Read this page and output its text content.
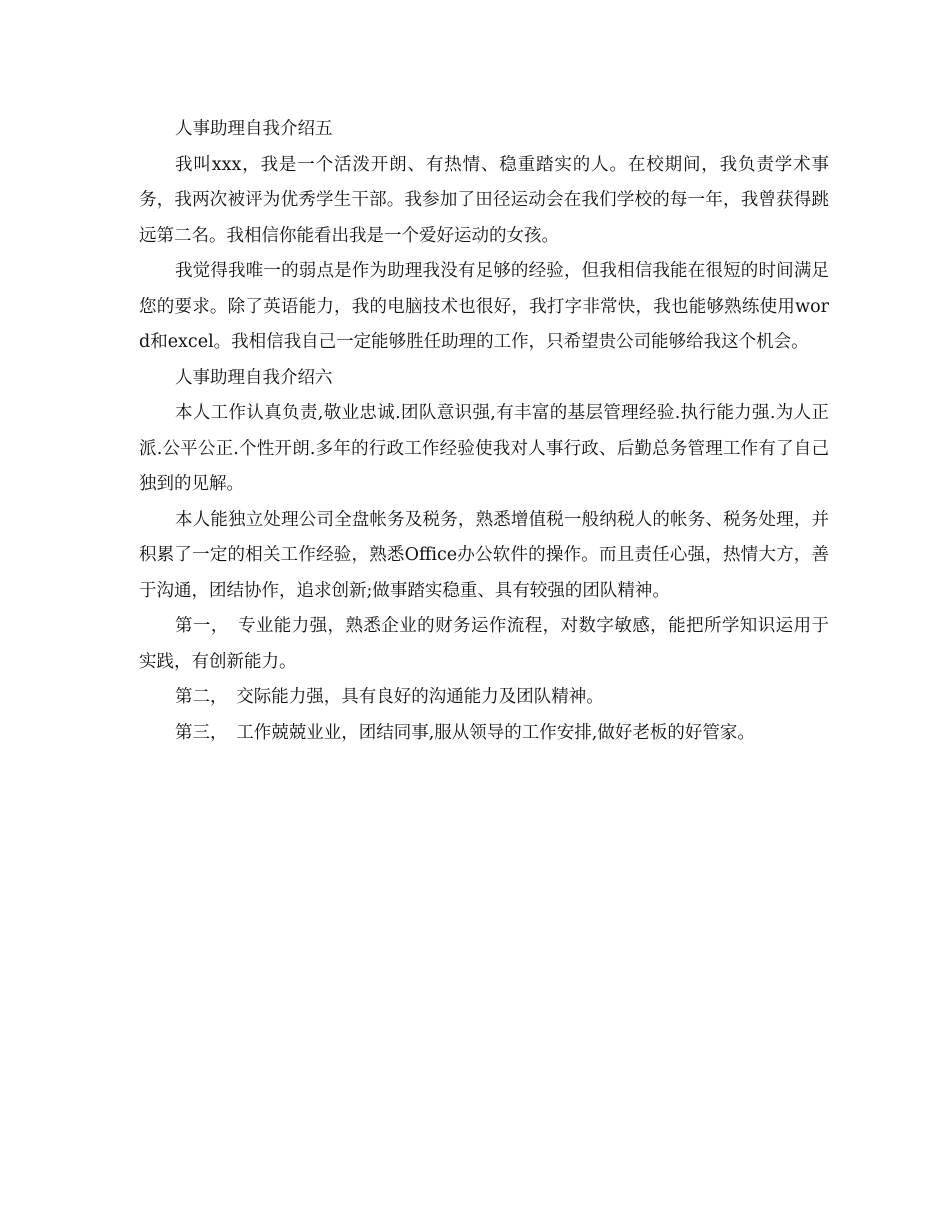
人事助理自我介绍五

我叫xxx，我是一个活泼开朗、有热情、稳重踏实的人。在校期间，我负责学术事务，我两次被评为优秀学生干部。我参加了田径运动会在我们学校的每一年，我曾获得跳远第二名。我相信你能看出我是一个爱好运动的女孩。

我觉得我唯一的弱点是作为助理我没有足够的经验，但我相信我能在很短的时间满足您的要求。除了英语能力，我的电脑技术也很好，我打字非常快，我也能够熟练使用word和excel。我相信我自己一定能够胜任助理的工作，只希望贵公司能够给我这个机会。

人事助理自我介绍六

本人工作认真负责,敬业忠诚.团队意识强,有丰富的基层管理经验.执行能力强.为人正派.公平公正.个性开朗.多年的行政工作经验使我对人事行政、后勤总务管理工作有了自己独到的见解。

本人能独立处理公司全盘帐务及税务，熟悉增值税一般纳税人的帐务、税务处理，并积累了一定的相关工作经验，熟悉Office办公软件的操作。而且责任心强，热情大方，善于沟通，团结协作，追求创新;做事踏实稳重、具有较强的团队精神。

第一，　专业能力强，熟悉企业的财务运作流程，对数字敏感，能把所学知识运用于实践，有创新能力。

第二，　交际能力强，具有良好的沟通能力及团队精神。

第三，　工作兢兢业业，团结同事,服从领导的工作安排,做好老板的好管家。
